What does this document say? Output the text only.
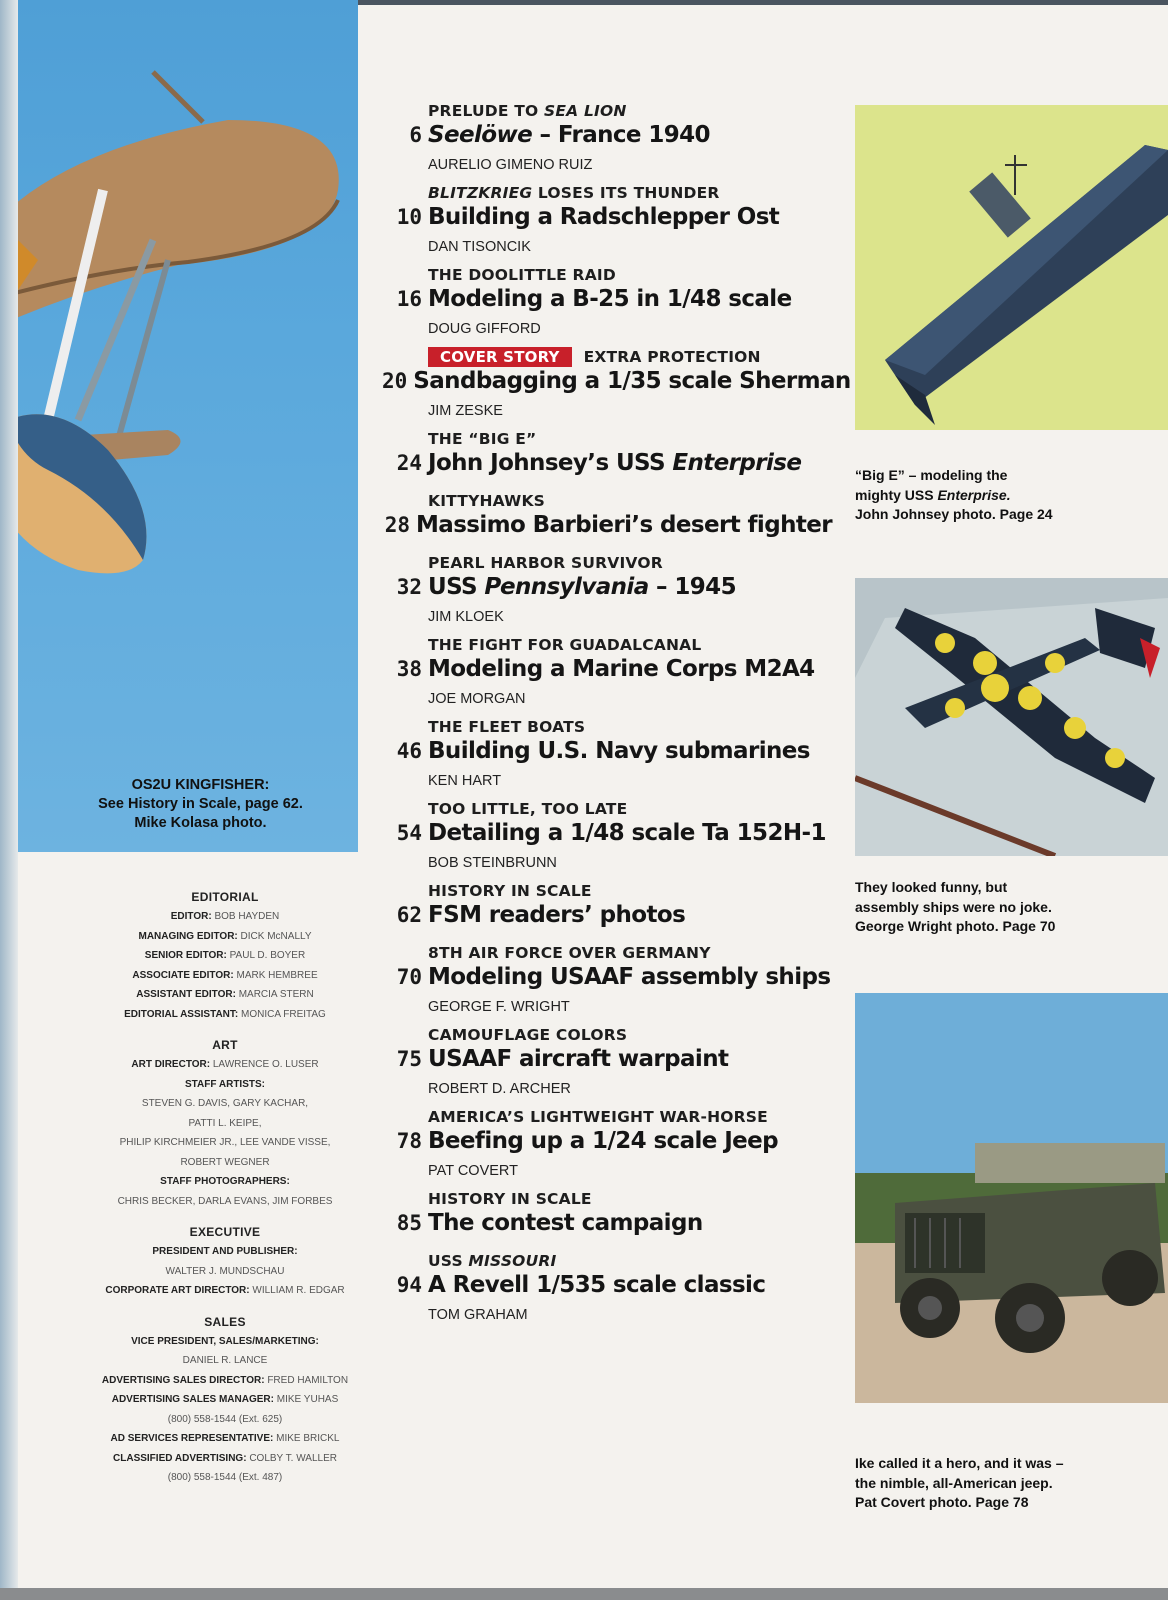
OS2U KINGFISHER:
See History in Scale, page 62.
Mike Kolasa photo.
EDITORIAL
EDITOR: BOB HAYDEN
MANAGING EDITOR: DICK McNALLY
SENIOR EDITOR: PAUL D. BOYER
ASSOCIATE EDITOR: MARK HEMBREE
ASSISTANT EDITOR: MARCIA STERN
EDITORIAL ASSISTANT: MONICA FREITAG
ART
ART DIRECTOR: LAWRENCE O. LUSER
STAFF ARTISTS:
STEVEN G. DAVIS, GARY KACHAR,
PATTI L. KEIPE,
PHILIP KIRCHMEIER JR., LEE VANDE VISSE,
ROBERT WEGNER
STAFF PHOTOGRAPHERS:
CHRIS BECKER, DARLA EVANS, JIM FORBES
EXECUTIVE
PRESIDENT AND PUBLISHER:
WALTER J. MUNDSCHAU
CORPORATE ART DIRECTOR: WILLIAM R. EDGAR
SALES
VICE PRESIDENT, SALES/MARKETING:
DANIEL R. LANCE
ADVERTISING SALES DIRECTOR: FRED HAMILTON
ADVERTISING SALES MANAGER: MIKE YUHAS
(800) 558-1544 (Ext. 625)
AD SERVICES REPRESENTATIVE: MIKE BRICKL
CLASSIFIED ADVERTISING: COLBY T. WALLER
(800) 558-1544 (Ext. 487)
PRELUDE TO SEA LION
6 Seelöwe – France 1940
AURELIO GIMENO RUIZ
BLITZKRIEG LOSES ITS THUNDER
10 Building a Radschlepper Ost
DAN TISONCIK
THE DOOLITTLE RAID
16 Modeling a B-25 in 1/48 scale
DOUG GIFFORD
COVER STORY EXTRA PROTECTION
20 Sandbagging a 1/35 scale Sherman
JIM ZESKE
THE “BIG E”
24 John Johnsey’s USS Enterprise
KITTYHAWKS
28 Massimo Barbieri’s desert fighter
PEARL HARBOR SURVIVOR
32 USS Pennsylvania – 1945
JIM KLOEK
THE FIGHT FOR GUADALCANAL
38 Modeling a Marine Corps M2A4
JOE MORGAN
THE FLEET BOATS
46 Building U.S. Navy submarines
KEN HART
TOO LITTLE, TOO LATE
54 Detailing a 1/48 scale Ta 152H-1
BOB STEINBRUNN
HISTORY IN SCALE
62 FSM readers’ photos
8TH AIR FORCE OVER GERMANY
70 Modeling USAAF assembly ships
GEORGE F. WRIGHT
CAMOUFLAGE COLORS
75 USAAF aircraft warpaint
ROBERT D. ARCHER
AMERICA’S LIGHTWEIGHT WAR-HORSE
78 Beefing up a 1/24 scale Jeep
PAT COVERT
HISTORY IN SCALE
85 The contest campaign
USS MISSOURI
94 A Revell 1/535 scale classic
TOM GRAHAM
“Big E” – modeling the
mighty USS Enterprise.
John Johnsey photo. Page 24
They looked funny, but
assembly ships were no joke.
George Wright photo. Page 70
Ike called it a hero, and it was –
the nimble, all-American jeep.
Pat Covert photo. Page 78
